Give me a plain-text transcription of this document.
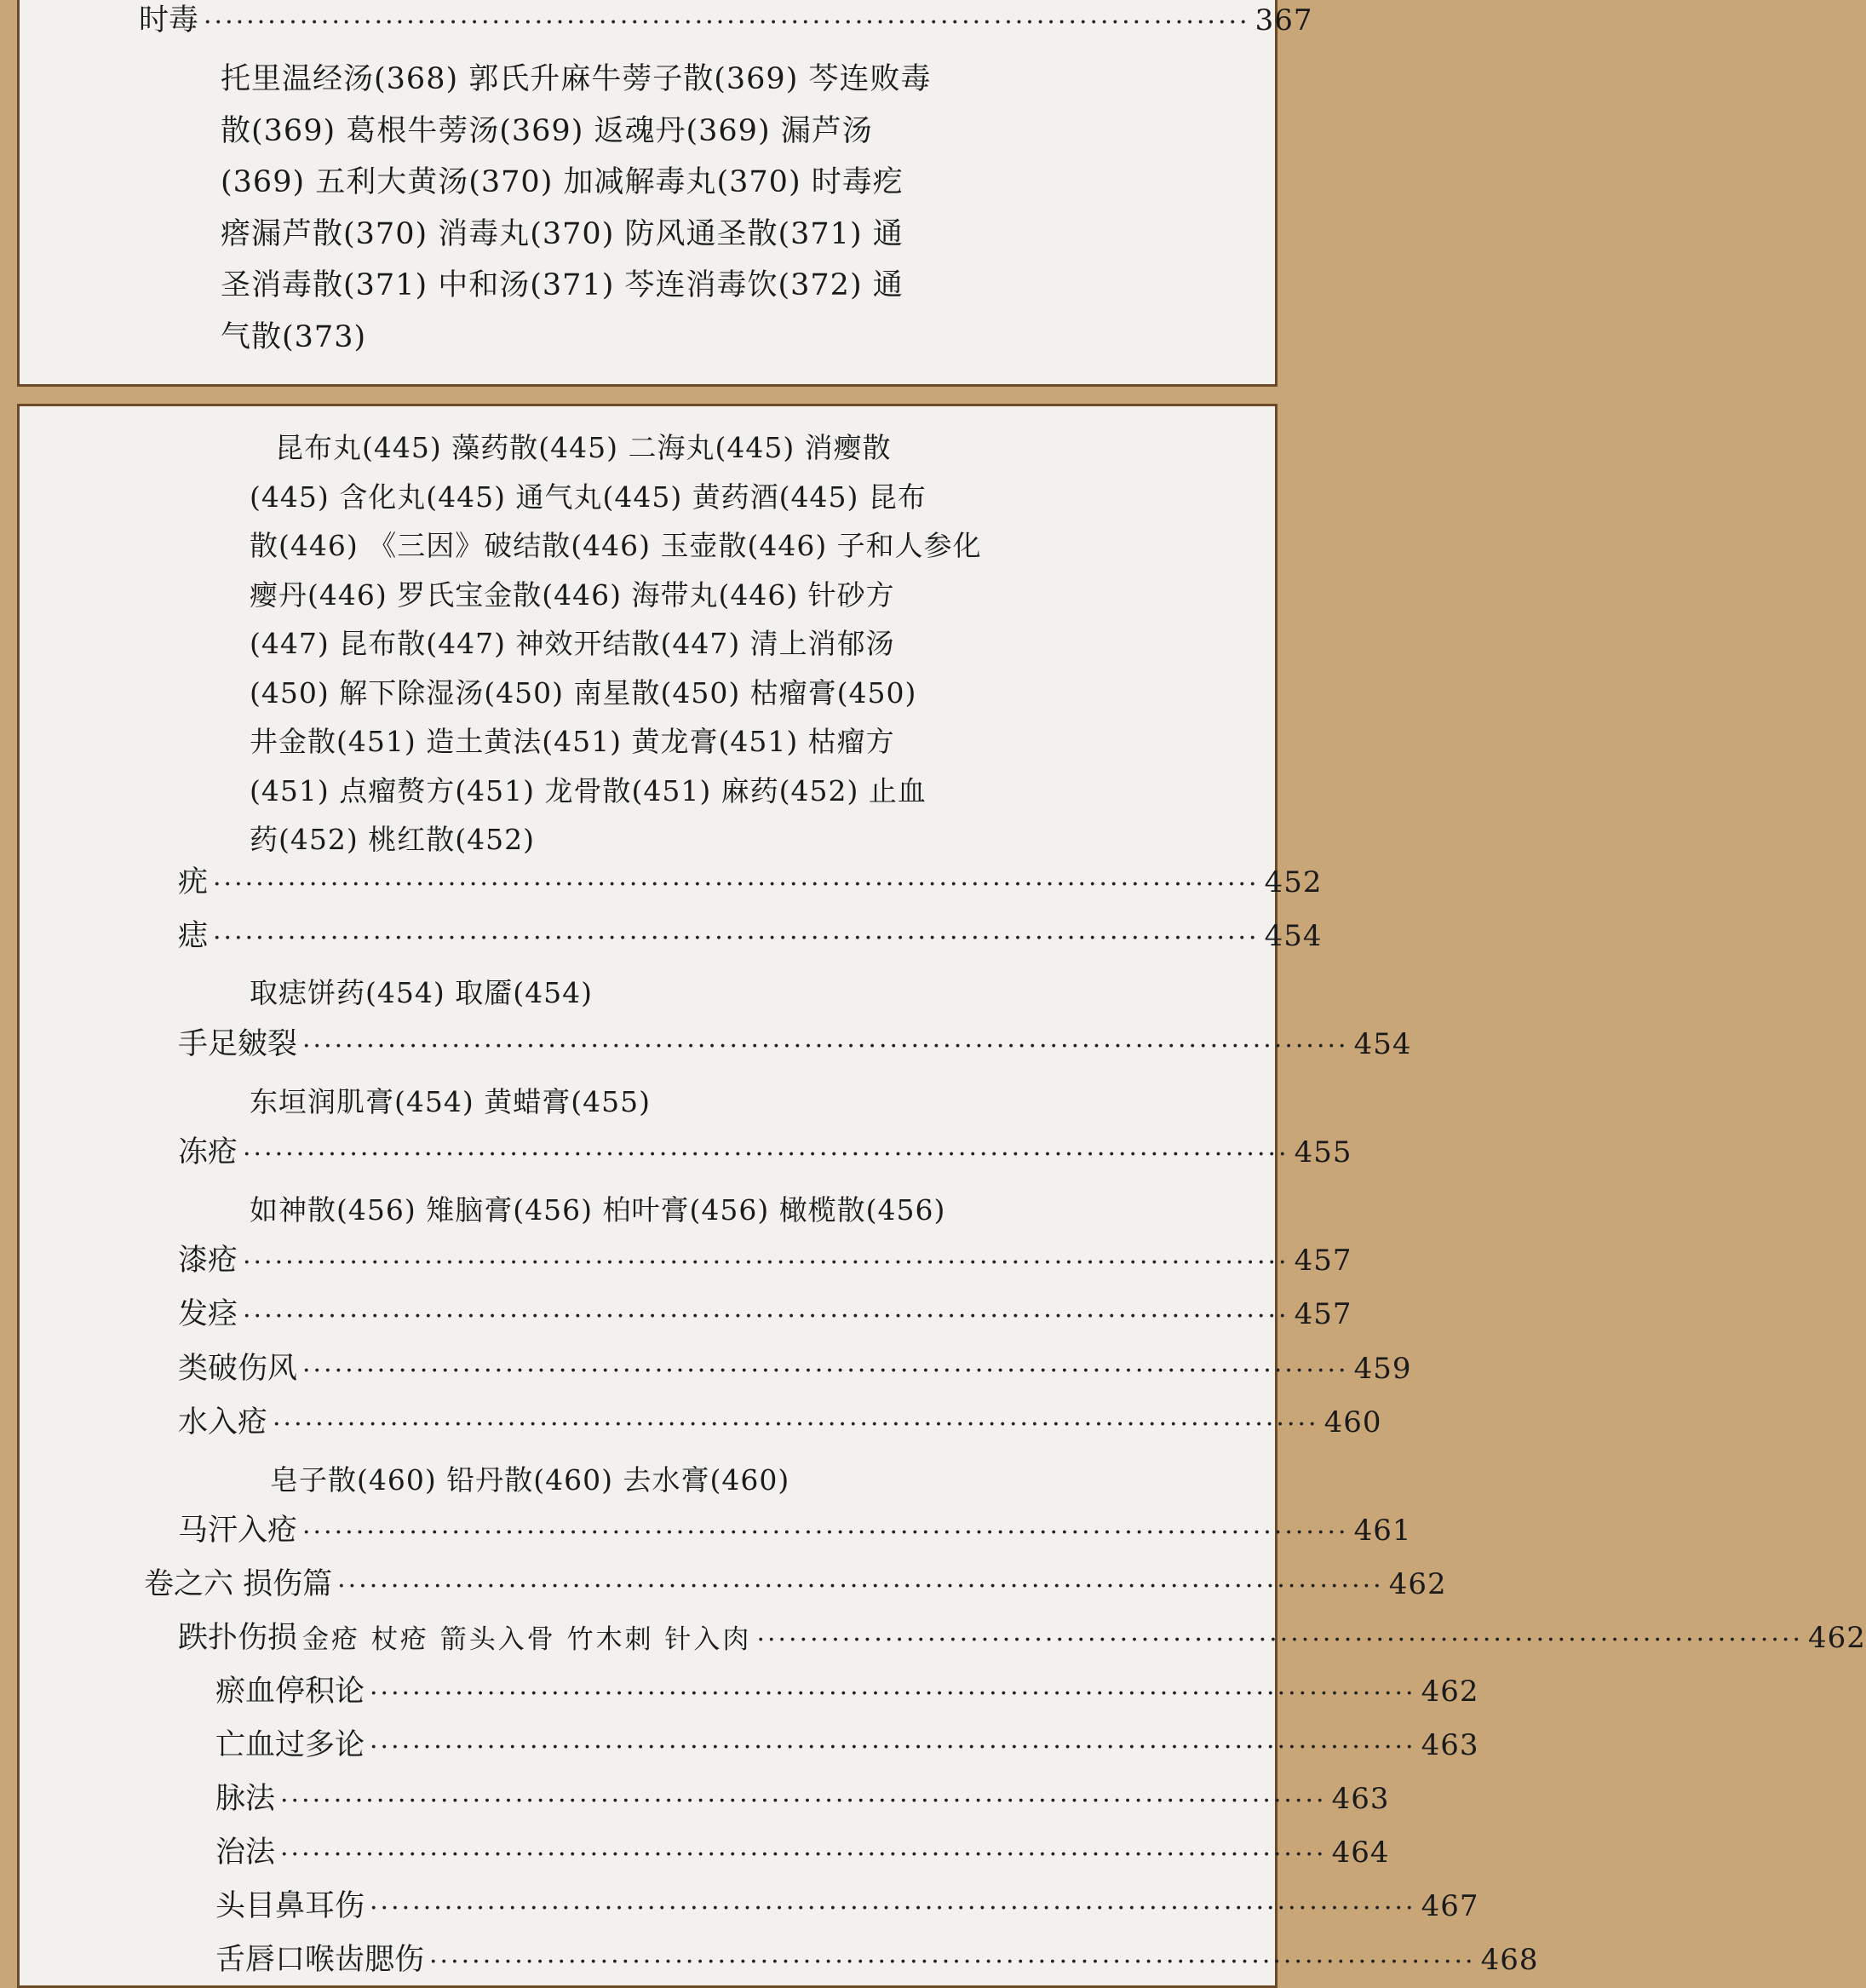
时毒 ·································································································· 367
托里温经汤(368) 郭氏升麻牛蒡子散(369) 芩连败毒
散(369) 葛根牛蒡汤(369) 返魂丹(369) 漏芦汤
(369) 五利大黄汤(370) 加减解毒丸(370) 时毒疙
瘩漏芦散(370) 消毒丸(370) 防风通圣散(371) 通
圣消毒散(371) 中和汤(371) 芩连消毒饮(372) 通
气散(373)
昆布丸(445) 藻药散(445) 二海丸(445) 消瘿散
(445) 含化丸(445) 通气丸(445) 黄药酒(445) 昆布
散(446) 《三因》破结散(446) 玉壶散(446) 子和人参化
瘿丹(446) 罗氏宝金散(446) 海带丸(446) 针砂方
(447) 昆布散(447) 神效开结散(447) 清上消郁汤
(450) 解下除湿汤(450) 南星散(450) 枯瘤膏(450)
井金散(451) 造土黄法(451) 黄龙膏(451) 枯瘤方
(451) 点瘤赘方(451) 龙骨散(451) 麻药(452) 止血
药(452) 桃红散(452)
疣 ·································································································· 452
痣 ·································································································· 454
取痣饼药(454) 取靥(454)
手足皴裂 ·································································································· 454
东垣润肌膏(454) 黄蜡膏(455)
冻疮 ·································································································· 455
如神散(456) 雉脑膏(456) 柏叶膏(456) 橄榄散(456)
漆疮 ·································································································· 457
发痉 ·································································································· 457
类破伤风 ·································································································· 459
水入疮 ·································································································· 460
皂子散(460) 铅丹散(460) 去水膏(460)
马汗入疮 ·································································································· 461
卷之六 损伤篇 ·································································································· 462
跌扑伤损 金疮 杖疮 箭头入骨 竹木刺 针入肉 ·································································································· 462
瘀血停积论 ·································································································· 462
亡血过多论 ·································································································· 463
脉法 ·································································································· 463
治法 ·································································································· 464
头目鼻耳伤 ·································································································· 467
舌唇口喉齿腮伤 ·································································································· 468
